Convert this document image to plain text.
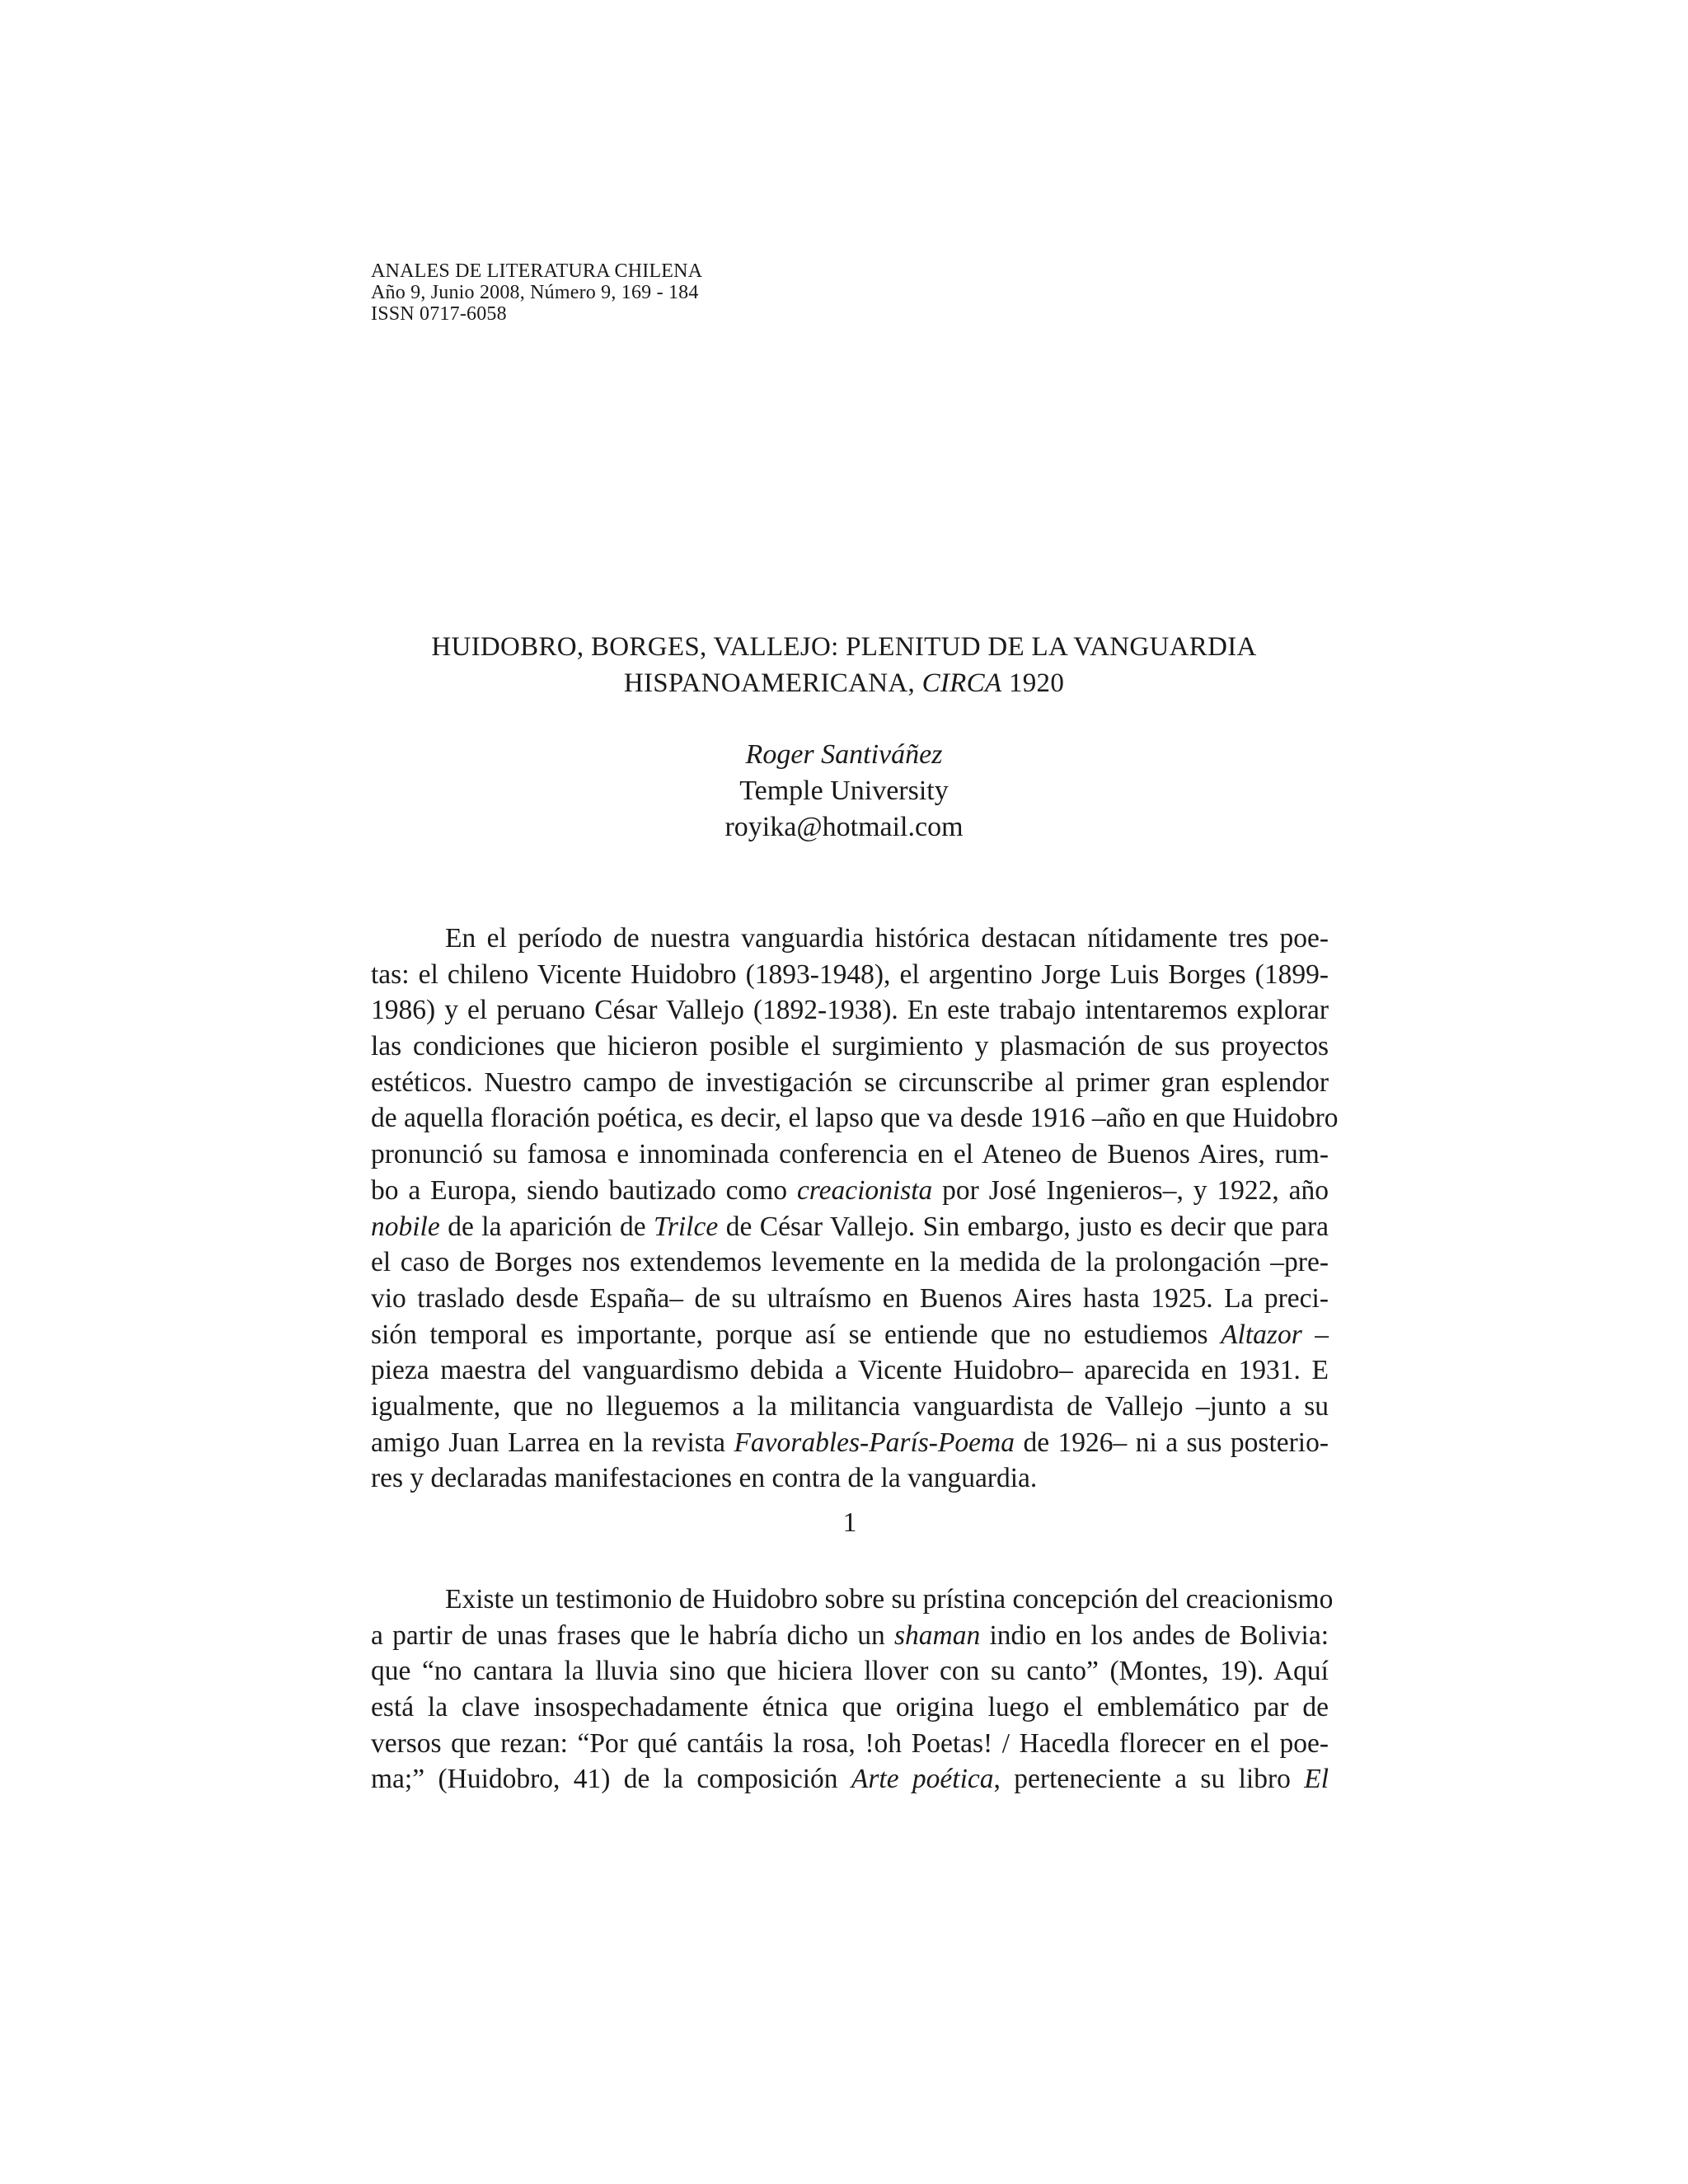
ANALES DE LITERATURA CHILENA
Año 9, Junio 2008, Número 9, 169 - 184
ISSN 0717-6058
HUIDOBRO, BORGES, VALLEJO: PLENITUD DE LA VANGUARDIA
HISPANOAMERICANA, CIRCA 1920
Roger Santiváñez
Temple University
royika@hotmail.com
En el período de nuestra vanguardia histórica destacan nítidamente tres poe-
tas: el chileno Vicente Huidobro (1893-1948), el argentino Jorge Luis Borges (1899-
1986) y el peruano César Vallejo (1892-1938). En este trabajo intentaremos explorar
las condiciones que hicieron posible el surgimiento y plasmación de sus proyectos
estéticos. Nuestro campo de investigación se circunscribe al primer gran esplendor
de aquella floración poética, es decir, el lapso que va desde 1916 –año en que Huidobro
pronunció su famosa e innominada conferencia en el Ateneo de Buenos Aires, rum-
bo a Europa, siendo bautizado como creacionista por José Ingenieros–, y 1922, año
nobile de la aparición de Trilce de César Vallejo. Sin embargo, justo es decir que para
el caso de Borges nos extendemos levemente en la medida de la prolongación –pre-
vio traslado desde España– de su ultraísmo en Buenos Aires hasta 1925. La preci-
sión temporal es importante, porque así se entiende que no estudiemos Altazor –
pieza maestra del vanguardismo debida a Vicente Huidobro– aparecida en 1931. E
igualmente, que no lleguemos a la militancia vanguardista de Vallejo –junto a su
amigo Juan Larrea en la revista Favorables-París-Poema de 1926– ni a sus posterio-
res y declaradas manifestaciones en contra de la vanguardia.
1
Existe un testimonio de Huidobro sobre su prístina concepción del creacionismo
a partir de unas frases que le habría dicho un shaman indio en los andes de Bolivia:
que “no cantara la lluvia sino que hiciera llover con su canto” (Montes, 19). Aquí
está la clave insospechadamente étnica que origina luego el emblemático par de
versos que rezan: “Por qué cantáis la rosa, !oh Poetas! / Hacedla florecer en el poe-
ma;” (Huidobro, 41) de la composición Arte poética, perteneciente a su libro El
